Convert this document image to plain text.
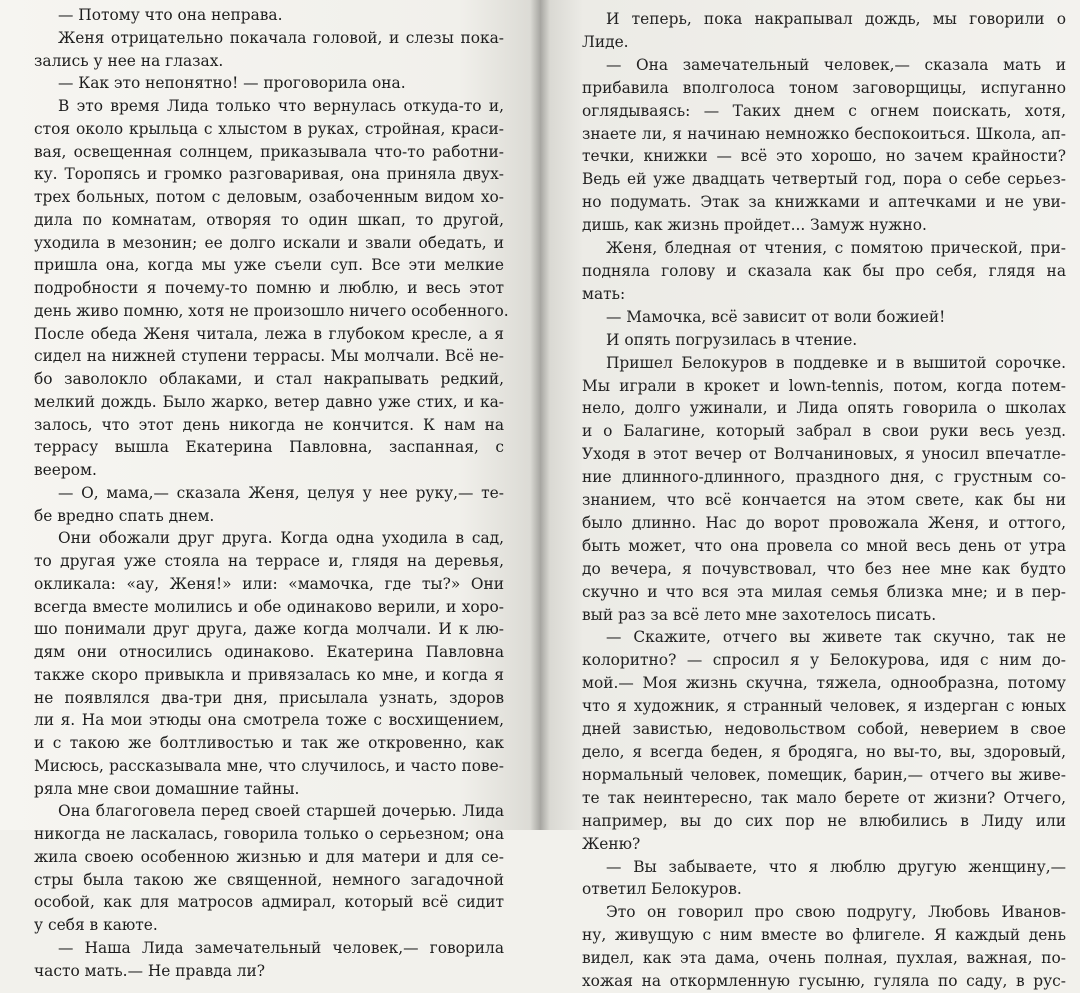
— Потому что она неправа.
Женя отрицательно покачала головой, и слезы пока-
зались у нее на глазах.
— Как это непонятно! — проговорила она.
В это время Лида только что вернулась откуда-то и,
стоя около крыльца с хлыстом в руках, стройная, краси-
вая, освещенная солнцем, приказывала что-то работни-
ку. Торопясь и громко разговаривая, она приняла двух-
трех больных, потом с деловым, озабоченным видом хо-
дила по комнатам, отворяя то один шкап, то другой,
уходила в мезонин; ее долго искали и звали обедать, и
пришла она, когда мы уже съели суп. Все эти мелкие
подробности я почему-то помню и люблю, и весь этот
день живо помню, хотя не произошло ничего особенного.
После обеда Женя читала, лежа в глубоком кресле, а я
сидел на нижней ступени террасы. Мы молчали. Всё не-
бо заволокло облаками, и стал накрапывать редкий,
мелкий дождь. Было жарко, ветер давно уже стих, и ка-
залось, что этот день никогда не кончится. К нам на
террасу вышла Екатерина Павловна, заспанная, с
веером.
— О, мама,— сказала Женя, целуя у нее руку,— те-
бе вредно спать днем.
Они обожали друг друга. Когда одна уходила в сад,
то другая уже стояла на террасе и, глядя на деревья,
окликала: «ау, Женя!» или: «мамочка, где ты?» Они
всегда вместе молились и обе одинаково верили, и хоро-
шо понимали друг друга, даже когда молчали. И к лю-
дям они относились одинаково. Екатерина Павловна
также скоро привыкла и привязалась ко мне, и когда я
не появлялся два-три дня, присылала узнать, здоров
ли я. На мои этюды она смотрела тоже с восхищением,
и с такою же болтливостью и так же откровенно, как
Мисюсь, рассказывала мне, что случилось, и часто пове-
ряла мне свои домашние тайны.
Она благоговела перед своей старшей дочерью. Лида
никогда не ласкалась, говорила только о серьезном; она
жила своею особенною жизнью и для матери и для се-
стры была такою же священной, немного загадочной
особой, как для матросов адмирал, который всё сидит
у себя в каюте.
— Наша Лида замечательный человек,— говорила
часто мать.— Не правда ли?
И теперь, пока накрапывал дождь, мы говорили о
Лиде.
— Она замечательный человек,— сказала мать и
прибавила вполголоса тоном заговорщицы, испуганно
оглядываясь: — Таких днем с огнем поискать, хотя,
знаете ли, я начинаю немножко беспокоиться. Школа, ап-
течки, книжки — всё это хорошо, но зачем крайности?
Ведь ей уже двадцать четвертый год, пора о себе серьез-
но подумать. Этак за книжками и аптечками и не уви-
дишь, как жизнь пройдет... Замуж нужно.
Женя, бледная от чтения, с помятою прической, при-
подняла голову и сказала как бы про себя, глядя на
мать:
— Мамочка, всё зависит от воли божией!
И опять погрузилась в чтение.
Пришел Белокуров в поддевке и в вышитой сорочке.
Мы играли в крокет и lown-tennis, потом, когда потем-
нело, долго ужинали, и Лида опять говорила о школах
и о Балагине, который забрал в свои руки весь уезд.
Уходя в этот вечер от Волчаниновых, я уносил впечатле-
ние длинного-длинного, праздного дня, с грустным со-
знанием, что всё кончается на этом свете, как бы ни
было длинно. Нас до ворот провожала Женя, и оттого,
быть может, что она провела со мной весь день от утра
до вечера, я почувствовал, что без нее мне как будто
скучно и что вся эта милая семья близка мне; и в пер-
вый раз за всё лето мне захотелось писать.
— Скажите, отчего вы живете так скучно, так не
колоритно? — спросил я у Белокурова, идя с ним до-
мой.— Моя жизнь скучна, тяжела, однообразна, потому
что я художник, я странный человек, я издерган с юных
дней завистью, недовольством собой, неверием в свое
дело, я всегда беден, я бродяга, но вы-то, вы, здоровый,
нормальный человек, помещик, барин,— отчего вы живе-
те так неинтересно, так мало берете от жизни? Отчего,
например, вы до сих пор не влюбились в Лиду или
Женю?
— Вы забываете, что я люблю другую женщину,—
ответил Белокуров.
Это он говорил про свою подругу, Любовь Иванов-
ну, живущую с ним вместе во флигеле. Я каждый день
видел, как эта дама, очень полная, пухлая, важная, по-
хожая на откормленную гусыню, гуляла по саду, в рус-
